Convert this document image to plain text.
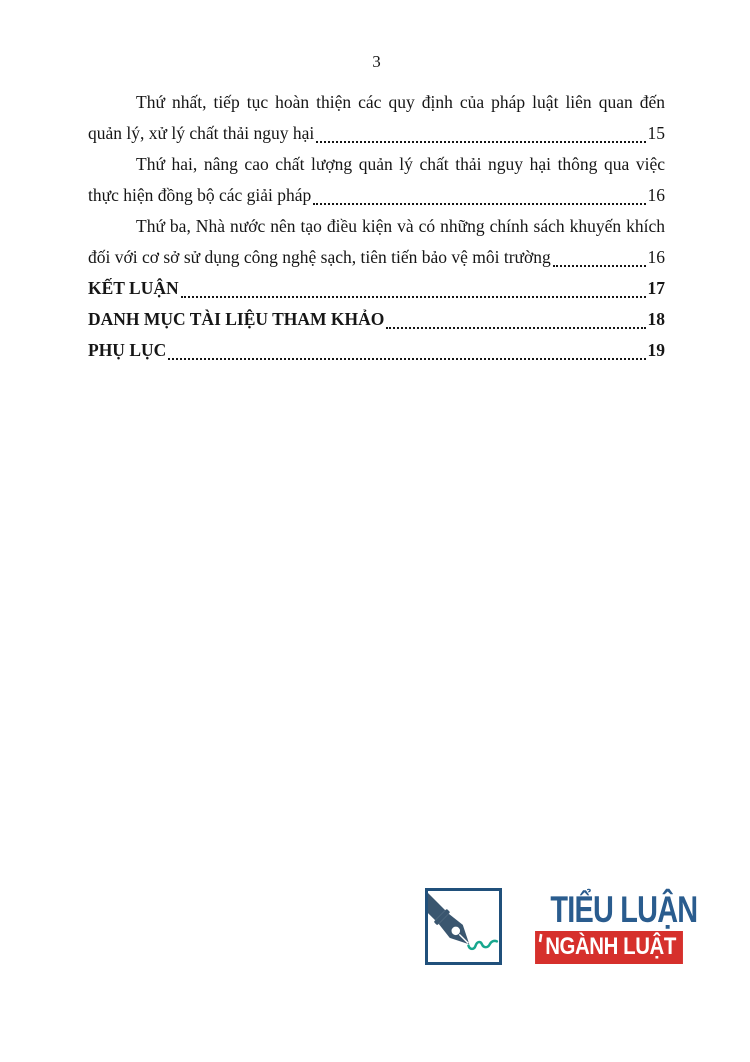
3
Thứ nhất, tiếp tục hoàn thiện các quy định của pháp luật liên quan đến
quản lý, xử lý chất thải nguy hại	15
Thứ hai, nâng cao chất lượng quản lý chất thải nguy hại thông qua việc
thực hiện đồng bộ các giải pháp	16
Thứ ba, Nhà nước nên tạo điều kiện và có những chính sách khuyến khích
đối với cơ sở sử dụng công nghệ sạch, tiên tiến bảo vệ môi trường	16
KẾT LUẬN	17
DANH MỤC TÀI LIỆU THAM KHẢO	18
PHỤ LỤC	19
TIỂU LUẬN
NGÀNH LUẬT
